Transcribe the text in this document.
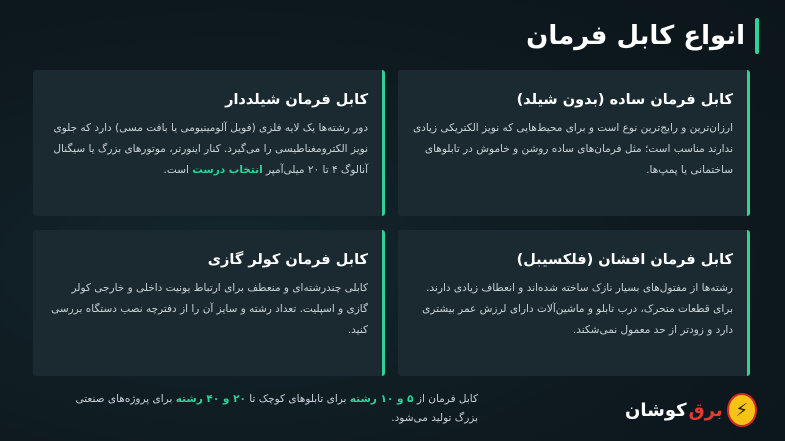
انواع کابل فرمان
کابل فرمان ساده (بدون شیلد)
ارزان‌ترین و رایج‌ترین نوع است و برای محیط‌هایی که نویز الکتریکی زیادی ندارند مناسب است؛ مثل فرمان‌های ساده روشن و خاموش در تابلوهای ساختمانی یا پمپ‌ها.
کابل فرمان شیلددار
دور رشته‌ها یک لایه فلزی (فویل آلومینیومی یا بافت مسی) دارد که جلوی نویز الکترومغناطیسی را می‌گیرد. کنار اینورتر، موتورهای بزرگ یا سیگنال آنالوگ ۴ تا ۲۰ میلی‌آمپر انتخاب درست است.
کابل فرمان افشان (فلکسیبل)
رشته‌ها از مفتول‌های بسیار نازک ساخته شده‌اند و انعطاف زیادی دارند. برای قطعات متحرک، درب تابلو و ماشین‌آلات دارای لرزش عمر بیشتری دارد و زودتر از حد معمول نمی‌شکند.
کابل فرمان کولر گازی
کابلی چندرشته‌ای و منعطف برای ارتباط یونیت داخلی و خارجی کولر گازی و اسپلیت. تعداد رشته و سایز آن را از دفترچه نصب دستگاه بررسی کنید.
کابل فرمان از ۵ و ۱۰ رشته برای تابلوهای کوچک تا ۲۰ و ۴۰ رشته برای پروژه‌های صنعتی بزرگ تولید می‌شود.	⚡
برق
کوشان
